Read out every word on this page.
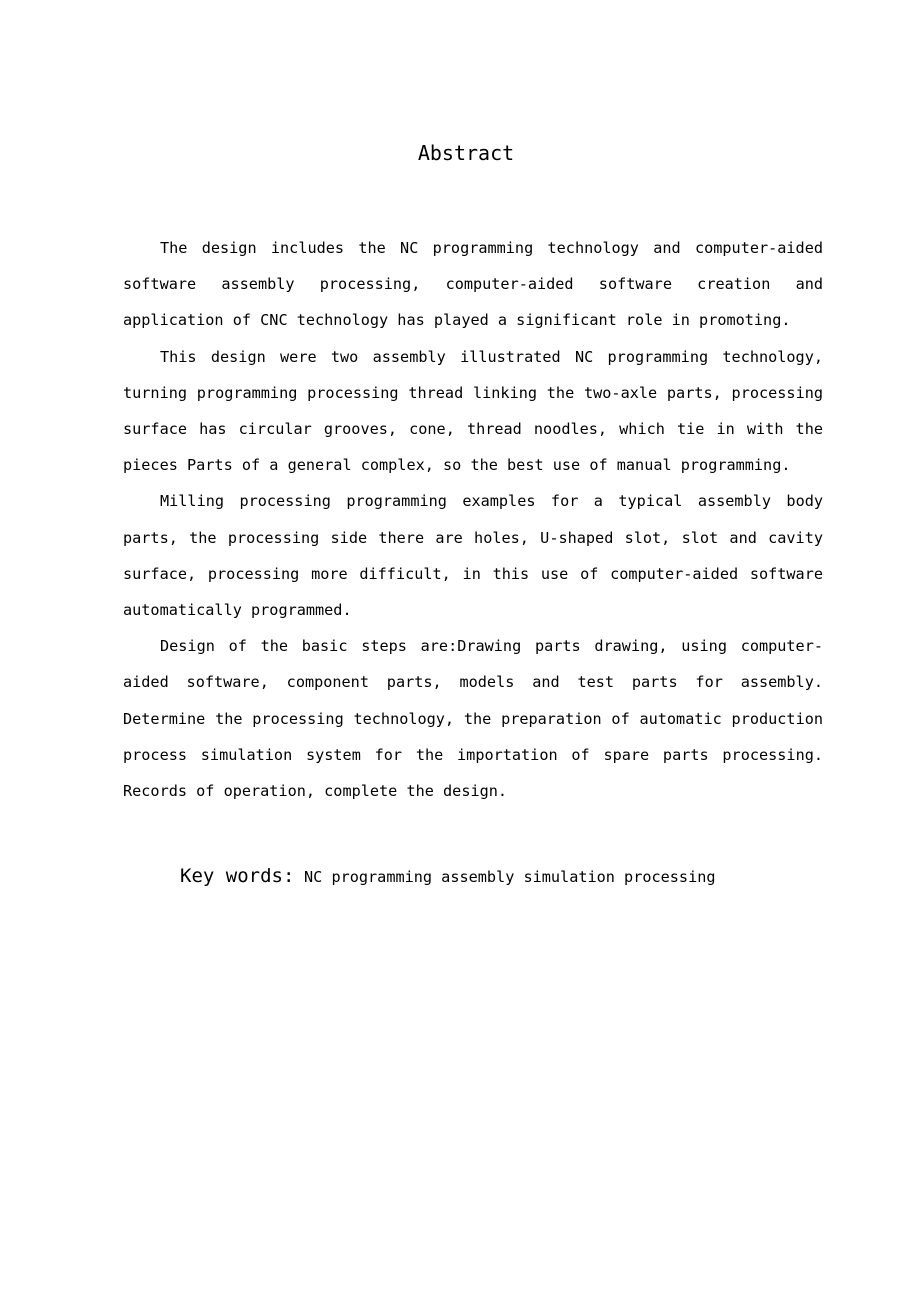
Abstract

The design includes the NC programming technology and computer-aided software assembly processing, computer-aided software creation and application of CNC technology has played a significant role in promoting.

This design were two assembly illustrated NC programming technology, turning programming processing thread linking the two-axle parts, processing surface has circular grooves, cone, thread noodles, which tie in with the pieces Parts of a general complex, so the best use of manual programming.

Milling processing programming examples for a typical assembly body parts, the processing side there are holes, U-shaped slot, slot and cavity surface, processing more difficult, in this use of computer-aided software automatically programmed.

Design of the basic steps are:Drawing parts drawing, using computer-aided software, component parts, models and test parts for assembly. Determine the processing technology, the preparation of automatic production process simulation system for the importation of spare parts processing. Records of operation, complete the design.

Key words: NC programming assembly simulation processing
